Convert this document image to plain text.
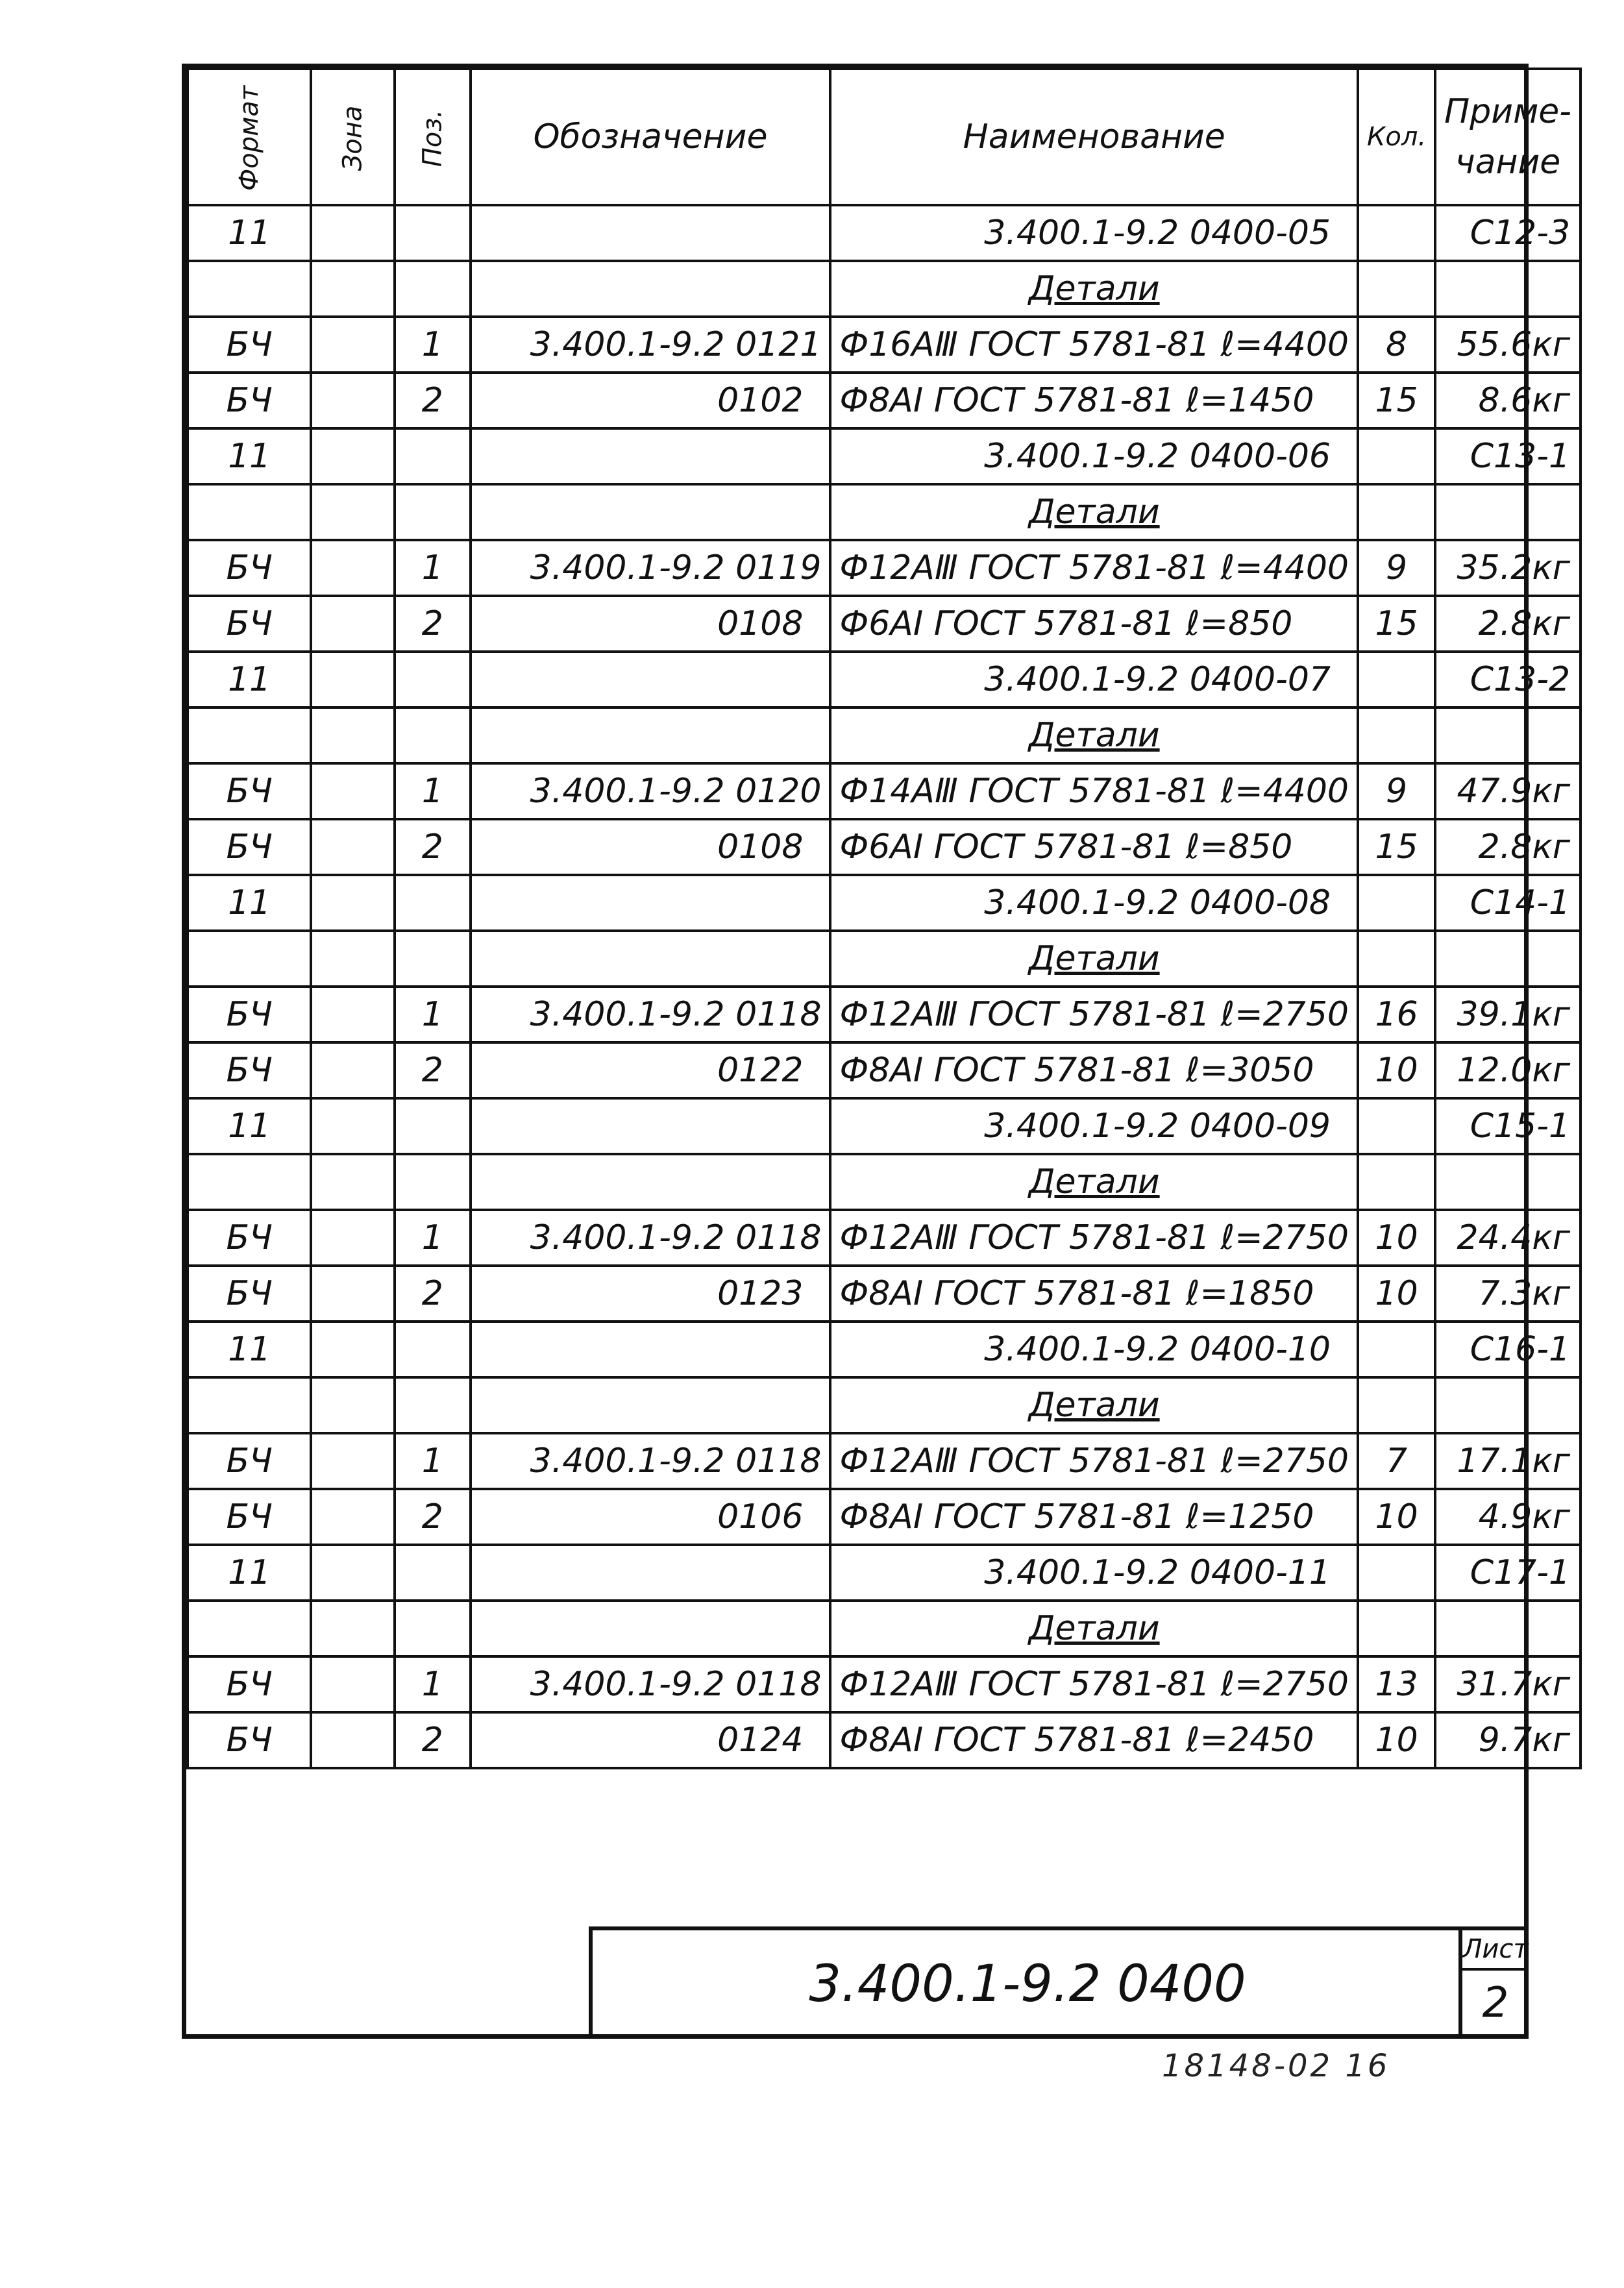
Формат	Зона	Поз.	Обозначение	Наименование	Кол.	Приме-
чание

11				3.400.1-9.2 0400-05		С12-3
				Детали		
БЧ		1	3.400.1-9.2 0121	Ф16АⅢ ГОСТ 5781-81 ℓ=4400	8	55.6кг
БЧ		2	0102	Ф8АⅠ ГОСТ 5781-81 ℓ=1450	15	8.6кг
11				3.400.1-9.2 0400-06		С13-1
				Детали		
БЧ		1	3.400.1-9.2 0119	Ф12АⅢ ГОСТ 5781-81 ℓ=4400	9	35.2кг
БЧ		2	0108	Ф6АⅠ ГОСТ 5781-81 ℓ=850	15	2.8кг
11				3.400.1-9.2 0400-07		С13-2
				Детали		
БЧ		1	3.400.1-9.2 0120	Ф14АⅢ ГОСТ 5781-81 ℓ=4400	9	47.9кг
БЧ		2	0108	Ф6АⅠ ГОСТ 5781-81 ℓ=850	15	2.8кг
11				3.400.1-9.2 0400-08		С14-1
				Детали		
БЧ		1	3.400.1-9.2 0118	Ф12АⅢ ГОСТ 5781-81 ℓ=2750	16	39.1кг
БЧ		2	0122	Ф8АⅠ ГОСТ 5781-81 ℓ=3050	10	12.0кг
11				3.400.1-9.2 0400-09		С15-1
				Детали		
БЧ		1	3.400.1-9.2 0118	Ф12АⅢ ГОСТ 5781-81 ℓ=2750	10	24.4кг
БЧ		2	0123	Ф8АⅠ ГОСТ 5781-81 ℓ=1850	10	7.3кг
11				3.400.1-9.2 0400-10		С16-1
				Детали		
БЧ		1	3.400.1-9.2 0118	Ф12АⅢ ГОСТ 5781-81 ℓ=2750	7	17.1кг
БЧ		2	0106	Ф8АⅠ ГОСТ 5781-81 ℓ=1250	10	4.9кг
11				3.400.1-9.2 0400-11		С17-1
				Детали		
БЧ		1	3.400.1-9.2 0118	Ф12АⅢ ГОСТ 5781-81 ℓ=2750	13	31.7кг
БЧ		2	0124	Ф8АⅠ ГОСТ 5781-81 ℓ=2450	10	9.7кг
3.400.1-9.2 0400
Лист
2
18148-02 16
